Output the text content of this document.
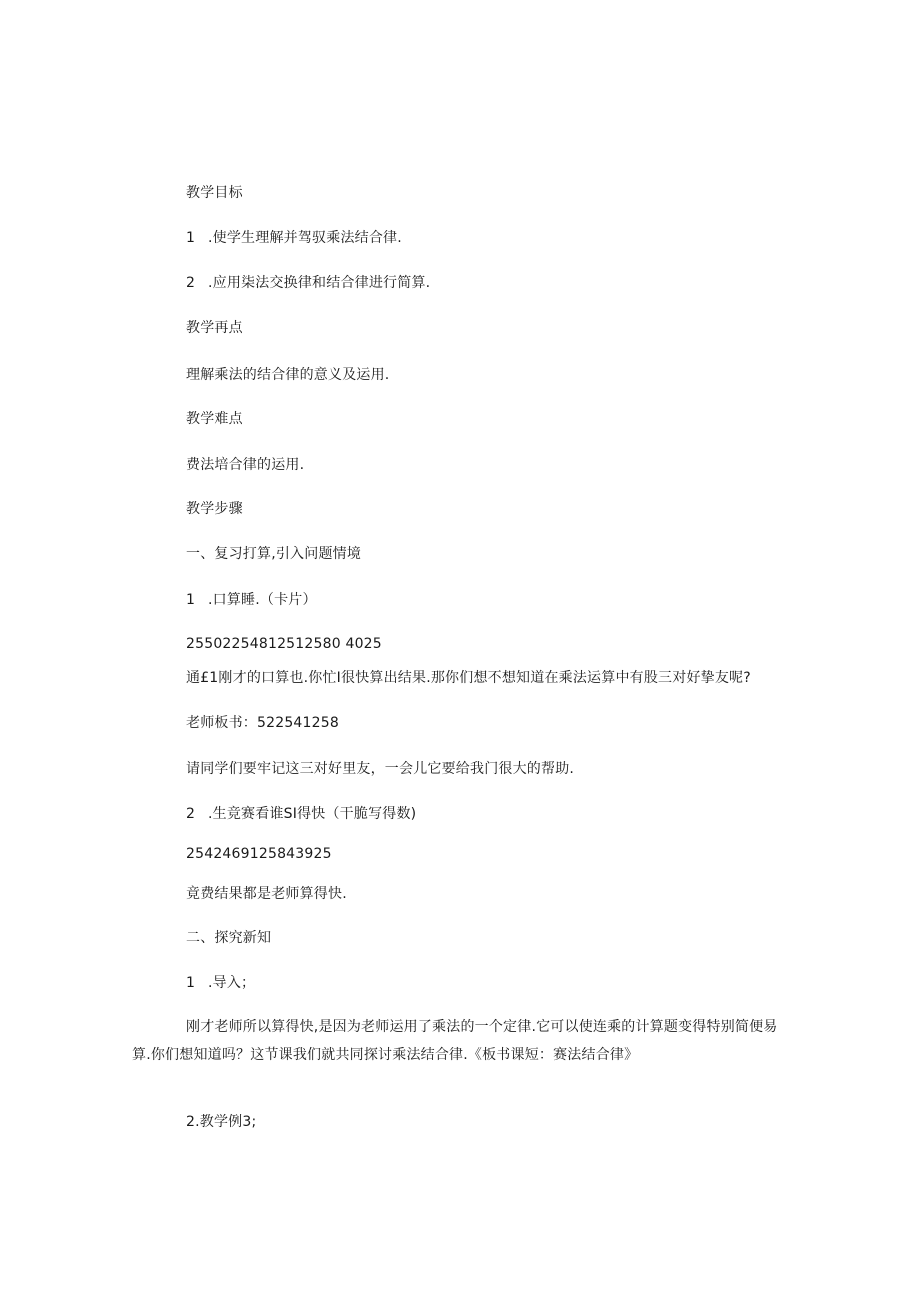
教学目标
1 .使学生理解并驾驭乘法结合律.
2 .应用柒法交换律和结合律进行简算.
教学再点
理解乘法的结合律的意义及运用.
教学难点
费法培合律的运用.
教学步骤
一、复习打算,引入问题情境
1 .口算睡.（卡片）
25502254812512580 4025
通£1刚才的口算也.你忙I很快算出结果.那你们想不想知道在乘法运算中有股三对好挚友呢?
老师板书：522541258
请同学们要牢记这三对好里友，一会儿它要给我门很大的帮助.
2 .生竞赛看谁SI得快（干脆写得数)
2542469125843925
竟费结果都是老师算得快.
二、探究新知
1 .导入；
刚才老师所以算得快,是因为老师运用了乘法的一个定律.它可以使连乘的计算题变得特别简便易算.你们想知道吗？这节课我们就共同探讨乘法结合律.《板书课短：赛法结合律》
2.教学例3;
